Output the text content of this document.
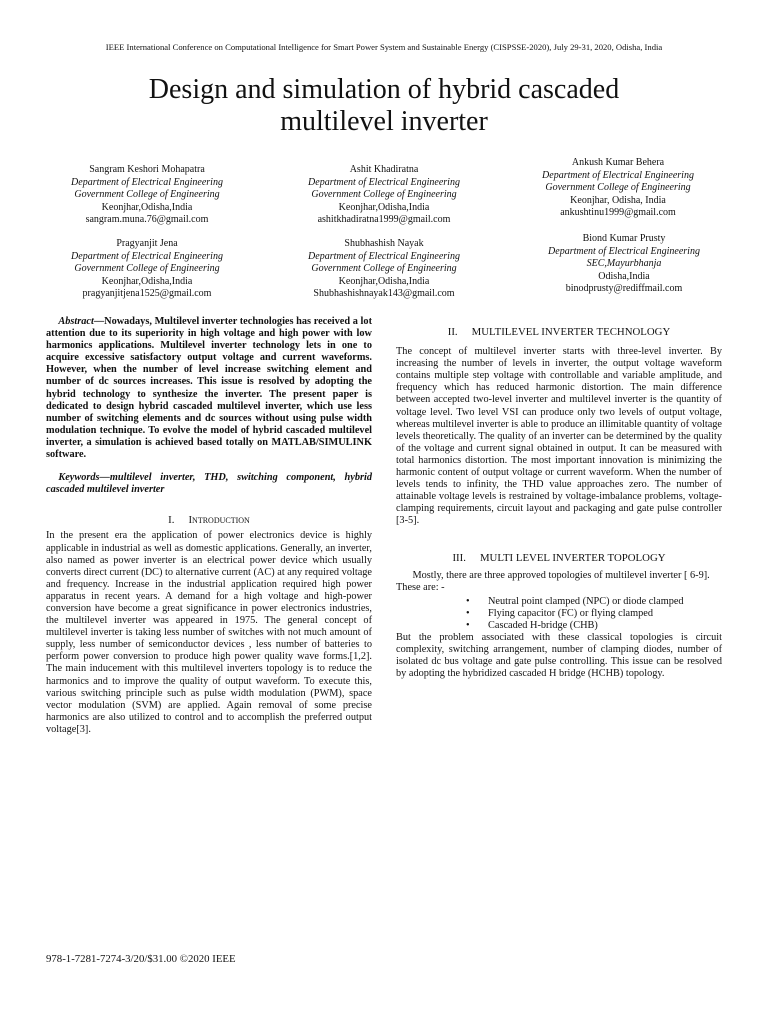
IEEE International Conference on Computational Intelligence for Smart Power System and Sustainable Energy (CISPSSE-2020), July 29-31, 2020, Odisha, India
Design and simulation of hybrid cascaded
multilevel inverter
Sangram Keshori Mohapatra
Department of Electrical Engineering
Government College of Engineering
Keonjhar,Odisha,India
sangram.muna.76@gmail.com
Ashit Khadiratna
Department of Electrical Engineering
Government College of Engineering
Keonjhar,Odisha,India
ashitkhadiratna1999@gmail.com
Ankush Kumar Behera
Department of Electrical Engineering
Government College of Engineering
Keonjhar, Odisha, India
ankushtinu1999@gmail.com
Pragyanjit Jena
Department of Electrical Engineering
Government College of Engineering
Keonjhar,Odisha,India
pragyanjitjena1525@gmail.com
Shubhashish Nayak
Department of Electrical Engineering
Government College of Engineering
Keonjhar,Odisha,India
Shubhashishnayak143@gmail.com
Biond Kumar Prusty
Department of Electrical Engineering
SEC,Mayurbhanja
Odisha,India
binodprusty@rediffmail.com

Abstract—Nowadays, Multilevel inverter technologies has received a lot attention due to its superiority in high voltage and high power with low harmonics applications. Multilevel inverter technology lets in one to acquire excessive satisfactory output voltage and current waveforms. However, when the number of level increase switching element and number of dc sources increases. This issue is resolved by adopting the hybrid technology to synthesize the inverter. The present paper is dedicated to design hybrid cascaded multilevel inverter, which use less number of switching elements and dc sources without using pulse width modulation technique. To evolve the model of hybrid cascaded multilevel inverter, a simulation is achieved based totally on MATLAB/SIMULINK software.

Keywords—multilevel inverter, THD, switching component, hybrid cascaded multilevel inverter

I. Introduction

In the present era the application of power electronics device is highly applicable in industrial as well as domestic applications. Generally, an inverter, also named as power inverter is an electrical power device which usually converts direct current (DC) to alternative current (AC) at any required voltage and frequency. Increase in the industrial application required high power apparatus in recent years. A demand for a high voltage and high-power conversion have become a great significance in power electronics industries, the multilevel inverter was appeared in 1975. The general concept of multilevel inverter is taking less number of switches with not much amount of supply, less number of semiconductor devices , less number of batteries to perform power conversion to produce high power quality wave forms.[1,2]. The main inducement with this multilevel inverters topology is to reduce the harmonics and to improve the quality of output waveform. To execute this, various switching principle such as pulse width modulation (PWM), space vector modulation (SVM) are applied. Again removal of some precise harmonics are also utilized to control and to accomplish the preferred output voltage[3].

II. MULTILEVEL INVERTER TECHNOLOGY

The concept of multilevel inverter starts with three-level inverter. By increasing the number of levels in inverter, the output voltage waveform contains multiple step voltage with controllable and variable amplitude, and frequency which has reduced harmonic distortion. The main difference between accepted two-level inverter and multilevel inverter is the quantity of voltage level. Two level VSI can produce only two levels of output voltage, whereas multilevel inverter is able to produce an illimitable quantity of voltage levels theoretically. The quality of an inverter can be determined by the quality of the voltage and current signal obtained in output. It can be measured with total harmonics distortion. The most important innovation is minimizing the harmonic content of output voltage or current waveform. When the number of levels tends to infinity, the THD value approaches zero. The number of attainable voltage levels is restrained by voltage-imbalance problems, voltage- clamping requirements, circuit layout and packaging and gate pulse controller [3-5].

III. MULTI LEVEL INVERTER TOPOLOGY

Mostly, there are three approved topologies of multilevel inverter [ 6-9].

These are: -

• Neutral point clamped (NPC) or diode clamped
• Flying capacitor (FC) or flying clamped
• Cascaded H-bridge (CHB)

But the problem associated with these classical topologies is circuit complexity, switching arrangement, number of clamping diodes, number of isolated dc bus voltage and gate pulse controlling. This issue can be resolved by adopting the hybridized cascaded H bridge (HCHB) topology.

978-1-7281-7274-3/20/$31.00 ©2020 IEEE
